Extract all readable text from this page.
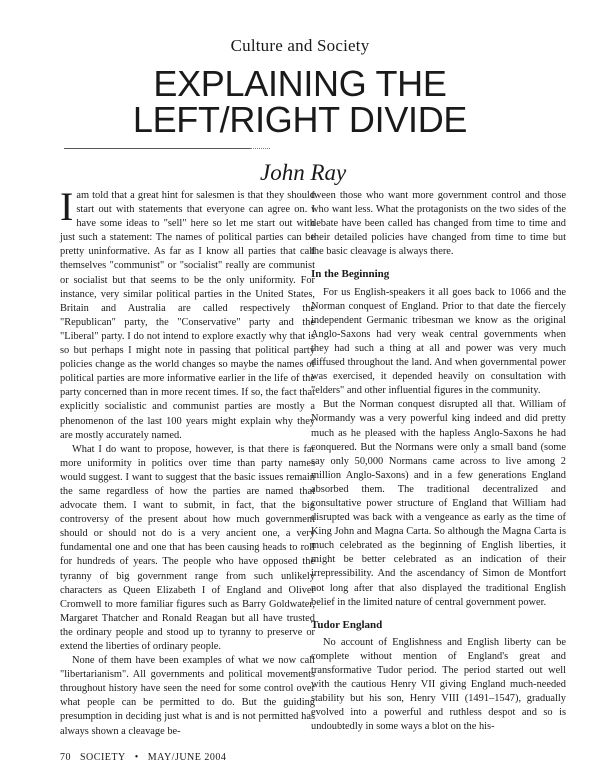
Culture and Society
EXPLAINING THE
LEFT/RIGHT DIVIDE
John Ray

Iam told that a great hint for salesmen is that they should start out with statements that everyone can agree on. I have some ideas to "sell" here so let me start out with just such a statement: The names of political parties can be pretty uninformative. As far as I know all parties that call themselves "communist" or "socialist" really are communist or socialist but that seems to be the only uniformity. For instance, very similar political parties in the United States, Britain and Australia are called respectively the "Republican" party, the "Conservative" party and the "Liberal" party. I do not intend to explore exactly why that is so but perhaps I might note in passing that political party policies change as the world changes so maybe the names of political parties are more informative earlier in the life of the party concerned than in more recent times. If so, the fact that explicitly socialistic and communist parties are mostly a phenomenon of the last 100 years might explain why they are mostly accurately named.

What I do want to propose, however, is that there is far more uniformity in politics over time than party names would suggest. I want to suggest that the basic issues remain the same regardless of how the parties are named that advocate them. I want to submit, in fact, that the big controversy of the present about how much government should or should not do is a very ancient one, a very fundamental one and one that has been causing heads to roll for hundreds of years. The people who have opposed the tyranny of big government range from such unlikely characters as Queen Elizabeth I of England and Oliver Cromwell to more familiar figures such as Barry Goldwater, Margaret Thatcher and Ronald Reagan but all have trusted the ordinary people and stood up to tyranny to preserve or extend the liberties of ordinary people.

None of them have been examples of what we now call "libertarianism". All governments and political movements throughout history have seen the need for some control over what people can be permitted to do. But the guiding presumption in deciding just what is and is not permitted has always shown a cleavage be-

tween those who want more government control and those who want less. What the protagonists on the two sides of the debate have been called has changed from time to time and their detailed policies have changed from time to time but the basic cleavage is always there.

In the Beginning

For us English-speakers it all goes back to 1066 and the Norman conquest of England. Prior to that date the fiercely independent Germanic tribesman we know as the original Anglo-Saxons had very weak central governments when they had such a thing at all and power was very much diffused throughout the land. And when governmental power was exercised, it depended heavily on consultation with "elders" and other influential figures in the community.

But the Norman conquest disrupted all that. William of Normandy was a very powerful king indeed and did pretty much as he pleased with the hapless Anglo-Saxons he had conquered. But the Normans were only a small band (some say only 50,000 Normans came across to live among 2 million Anglo-Saxons) and in a few generations England absorbed them. The traditional decentralized and consultative power structure of England that William had disrupted was back with a vengeance as early as the time of King John and Magna Carta. So although the Magna Carta is much celebrated as the beginning of English liberties, it might be better celebrated as an indication of their irrepressibility. And the ascendancy of Simon de Montfort not long after that also displayed the traditional English belief in the limited nature of central government power.

Tudor England

No account of Englishness and English liberty can be complete without mention of England's great and transformative Tudor period. The period started out well with the cautious Henry VII giving England much-needed stability but his son, Henry VIII (1491–1547), gradually evolved into a powerful and ruthless despot and so is undoubtedly in some ways a blot on the his-

70 SOCIETY • MAY/JUNE 2004
